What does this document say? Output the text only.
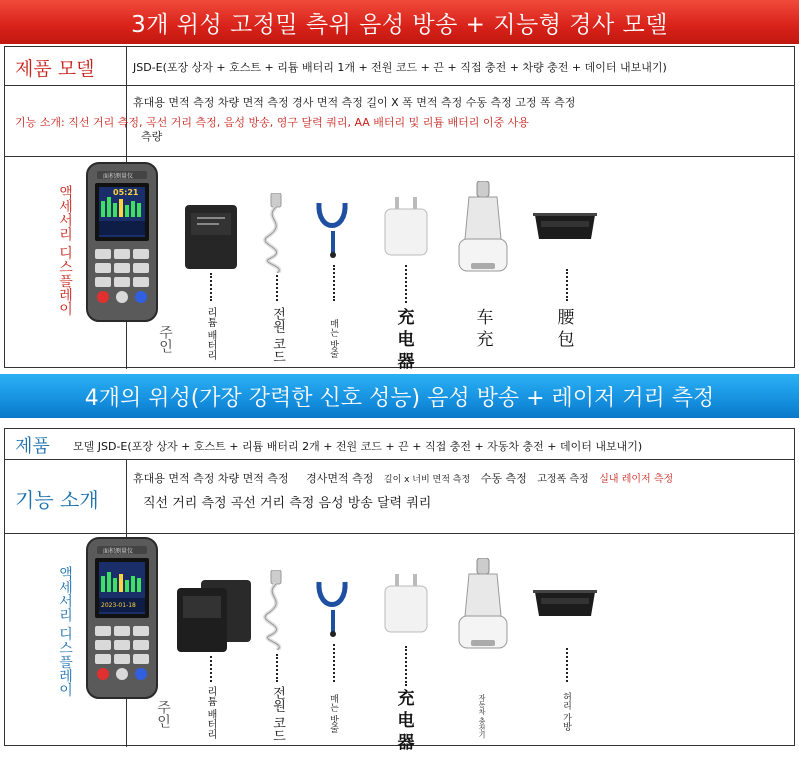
3개 위성 고정밀 측위 음성 방송 + 지능형 경사 모델
제품 모델	JSD-E(포장 상자 + 호스트 + 리튬 배터리 1개 + 전원 코드 + 끈 + 직접 충전 + 차량 충전 + 데이터 내보내기)
휴대용 면적 측정 차량 면적 측정 경사 면적 측정 길이 X 폭 면적 측정 수동 측정 고정 폭 측정
기능 소개: 직선 거리 측정, 곡선 거리 측정, 음성 방송, 영구 달력 쿼리, AA 배터리 및 리튬 배터리 이중 사용
측량
액세서리 디스플레이
面积测量仪
05:21
주인	리튬 배터리	전원 코드	매는 밧줄
充电器
车充
腰包
4개의 위성(가장 강력한 신호 성능) 음성 방송 + 레이저 거리 측정
제품 모델 JSD-E(포장 상자 + 호스트 + 리튬 배터리 2개 + 전원 코드 + 끈 + 직접 충전 + 자동차 충전 + 데이터 내보내기)
기능 소개
휴대용 면적 측정 차량 면적 측정 경사면적 측정 길이 x 너비 면적 측정 수동 측정 고정폭 측정 실내 레이저 측정
직선 거리 측정 곡선 거리 측정 음성 방송 달력 쿼리
액세서리 디스플레이
面积测量仪
2023-01-18
주인	리튬 배터리	전원 코드	매는 밧줄	充电器
자동차 충전기	허리 가방
